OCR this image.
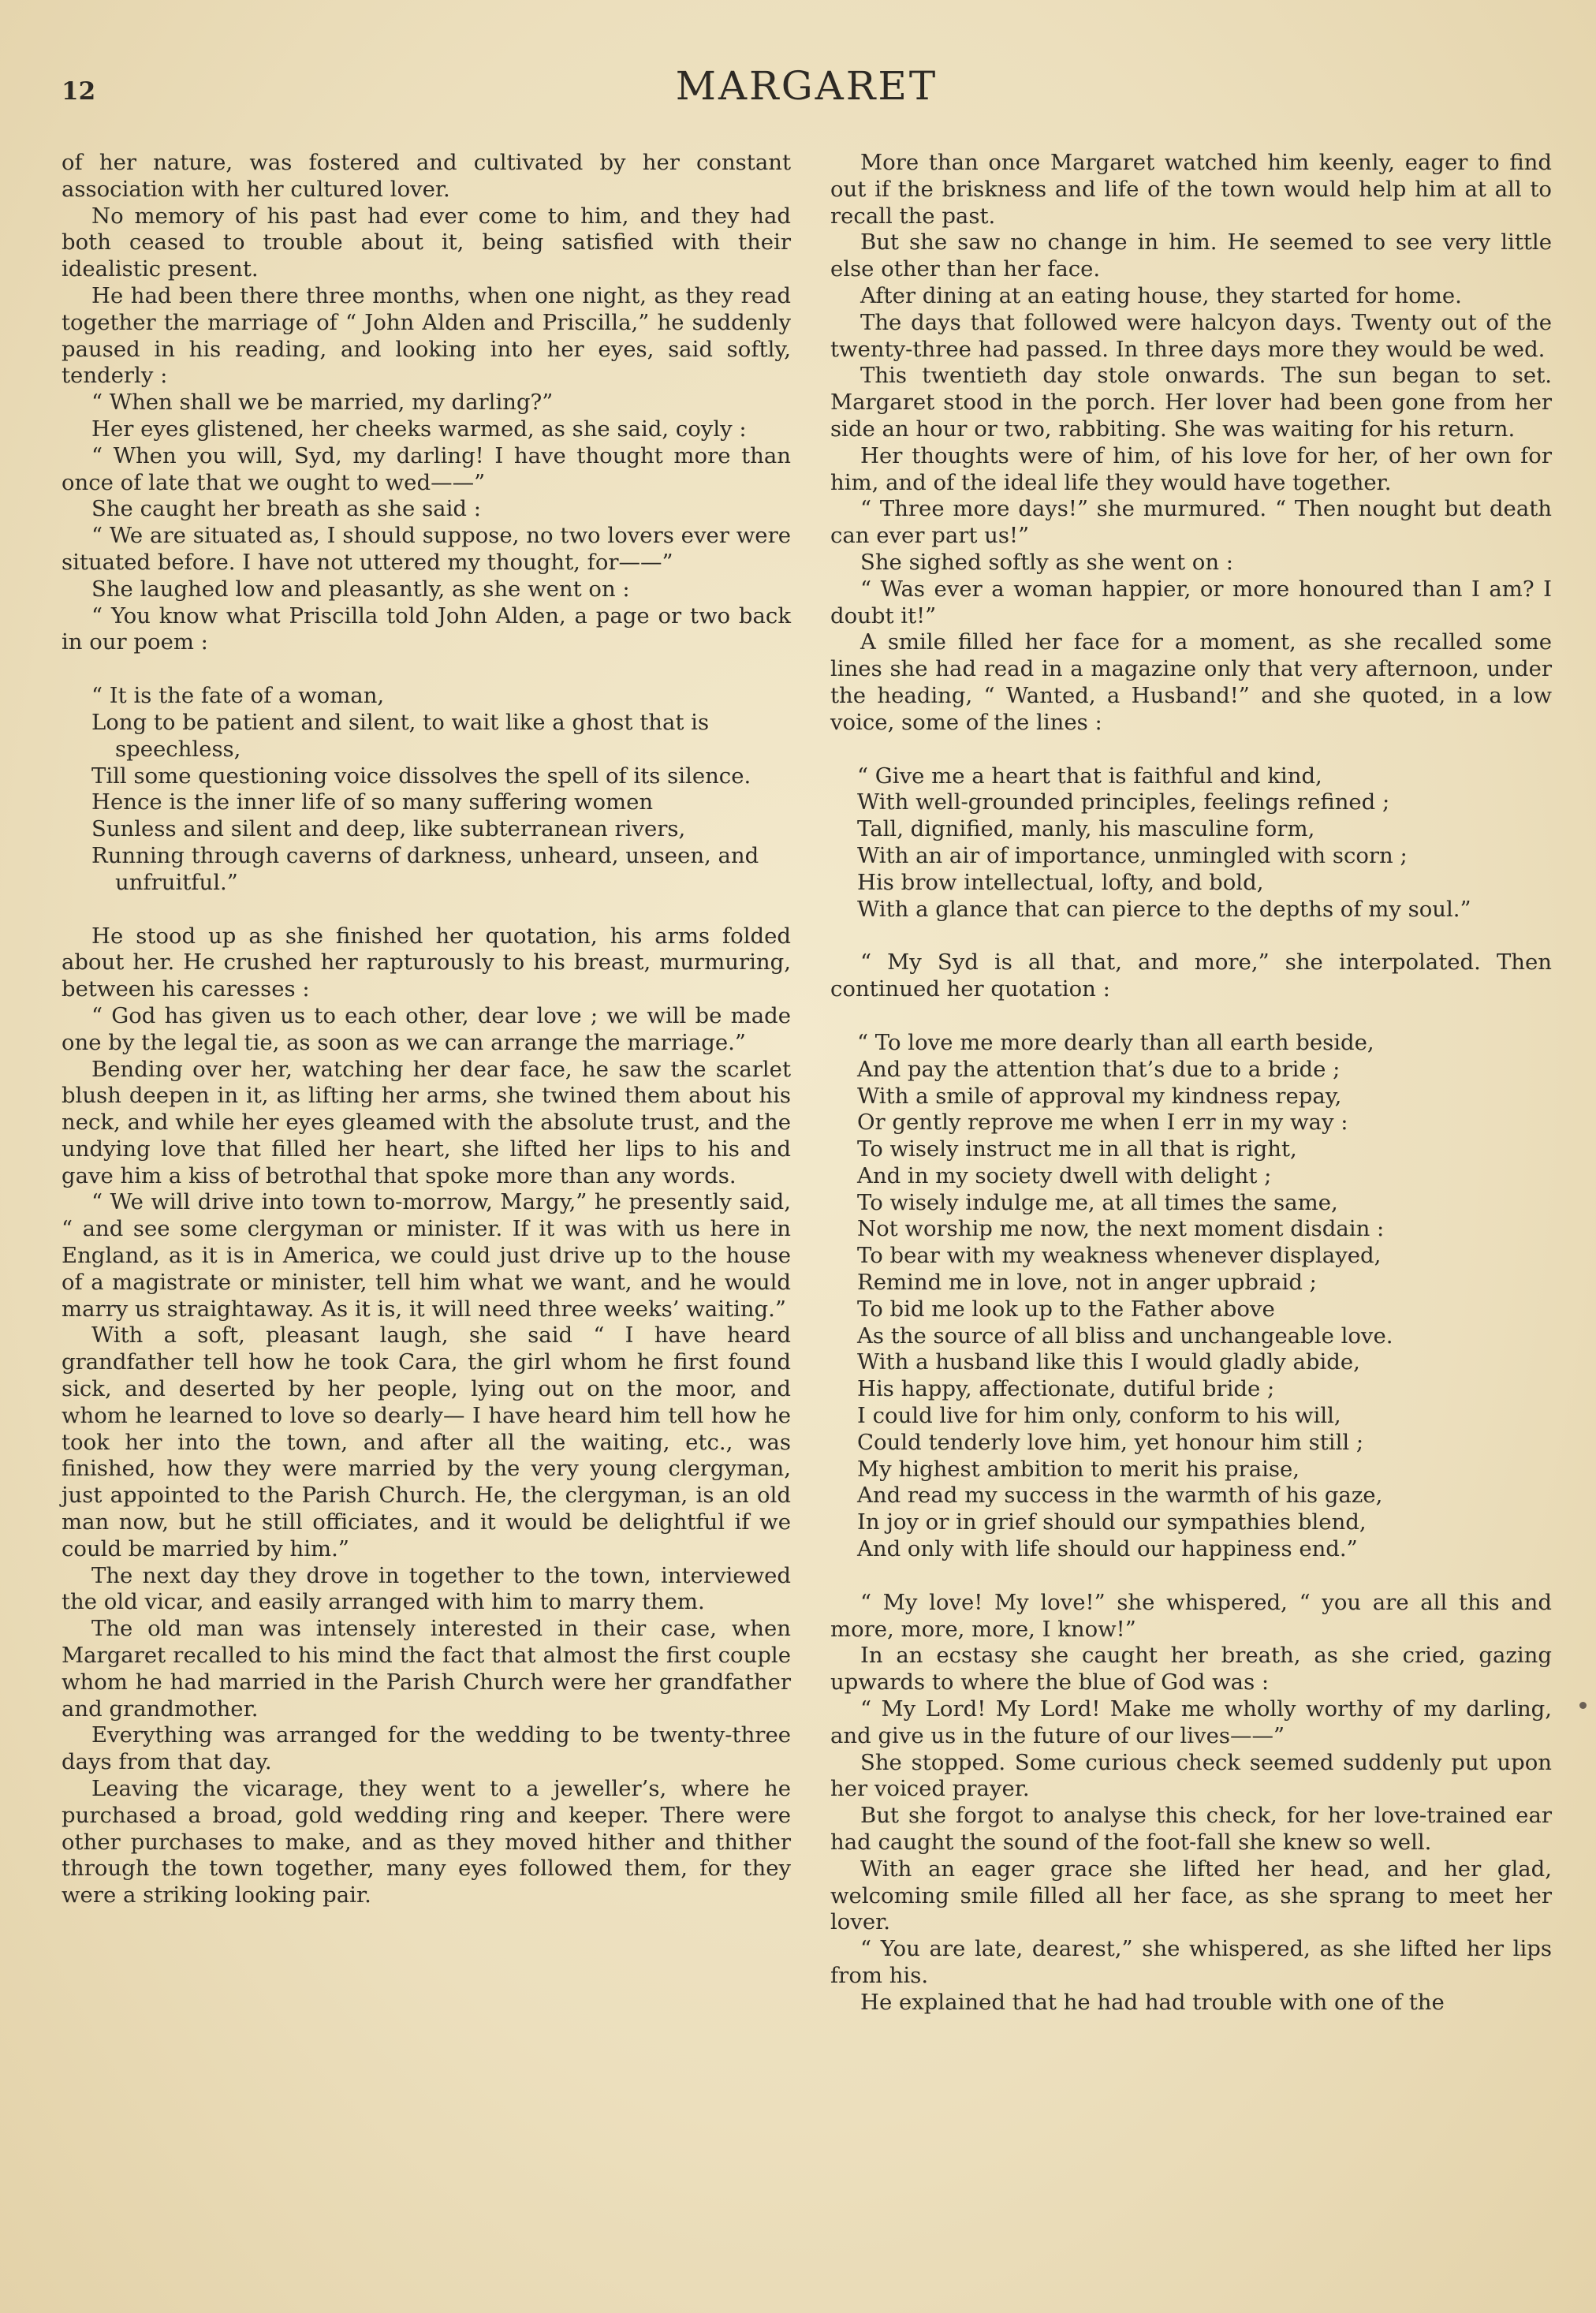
12	MARGARET

of her nature, was fostered and cultivated by her constant association with her cultured lover.

No memory of his past had ever come to him, and they had both ceased to trouble about it, being satisfied with their idealistic present.

He had been there three months, when one night, as they read together the marriage of “ John Alden and Priscilla,” he suddenly paused in his reading, and looking into her eyes, said softly, tenderly :

“ When shall we be married, my darling?”

Her eyes glistened, her cheeks warmed, as she said, coyly :

“ When you will, Syd, my darling! I have thought more than once of late that we ought to wed——”

She caught her breath as she said :

“ We are situated as, I should suppose, no two lovers ever were situated before. I have not uttered my thought, for——”

She laughed low and pleasantly, as she went on :

“ You know what Priscilla told John Alden, a page or two back in our poem :

“ It is the fate of a woman,
Long to be patient and silent, to wait like a ghost that is speechless,
Till some questioning voice dissolves the spell of its silence.
Hence is the inner life of so many suffering women
Sunless and silent and deep, like subterranean rivers,
Running through caverns of darkness, unheard, unseen, and unfruitful.”

He stood up as she finished her quotation, his arms folded about her. He crushed her rapturously to his breast, murmuring, between his caresses :

“ God has given us to each other, dear love ; we will be made one by the legal tie, as soon as we can arrange the marriage.”

Bending over her, watching her dear face, he saw the scarlet blush deepen in it, as lifting her arms, she twined them about his neck, and while her eyes gleamed with the absolute trust, and the undying love that filled her heart, she lifted her lips to his and gave him a kiss of betrothal that spoke more than any words.

“ We will drive into town to-morrow, Margy,” he presently said, “ and see some clergyman or minister. If it was with us here in England, as it is in America, we could just drive up to the house of a magistrate or minister, tell him what we want, and he would marry us straightaway. As it is, it will need three weeks’ waiting.”

With a soft, pleasant laugh, she said “ I have heard grandfather tell how he took Cara, the girl whom he first found sick, and deserted by her people, lying out on the moor, and whom he learned to love so dearly— I have heard him tell how he took her into the town, and after all the waiting, etc., was finished, how they were married by the very young clergyman, just appointed to the Parish Church. He, the clergyman, is an old man now, but he still officiates, and it would be delightful if we could be married by him.”

The next day they drove in together to the town, interviewed the old vicar, and easily arranged with him to marry them.

The old man was intensely interested in their case, when Margaret recalled to his mind the fact that almost the first couple whom he had married in the Parish Church were her grandfather and grandmother.

Everything was arranged for the wedding to be twenty-three days from that day.

Leaving the vicarage, they went to a jeweller’s, where he purchased a broad, gold wedding ring and keeper. There were other purchases to make, and as they moved hither and thither through the town together, many eyes followed them, for they were a striking looking pair.

More than once Margaret watched him keenly, eager to find out if the briskness and life of the town would help him at all to recall the past.

But she saw no change in him. He seemed to see very little else other than her face.

After dining at an eating house, they started for home.

The days that followed were halcyon days. Twenty out of the twenty-three had passed. In three days more they would be wed.

This twentieth day stole onwards. The sun began to set. Margaret stood in the porch. Her lover had been gone from her side an hour or two, rabbiting. She was waiting for his return.

Her thoughts were of him, of his love for her, of her own for him, and of the ideal life they would have together.

“ Three more days!” she murmured. “ Then nought but death can ever part us!”

She sighed softly as she went on :

“ Was ever a woman happier, or more honoured than I am? I doubt it!”

A smile filled her face for a moment, as she recalled some lines she had read in a magazine only that very afternoon, under the heading, “ Wanted, a Husband!” and she quoted, in a low voice, some of the lines :

“ Give me a heart that is faithful and kind,
With well-grounded principles, feelings refined ;
Tall, dignified, manly, his masculine form,
With an air of importance, unmingled with scorn ;
His brow intellectual, lofty, and bold,
With a glance that can pierce to the depths of my soul.”

“ My Syd is all that, and more,” she interpolated. Then continued her quotation :

“ To love me more dearly than all earth beside,
And pay the attention that’s due to a bride ;
With a smile of approval my kindness repay,
Or gently reprove me when I err in my way :
To wisely instruct me in all that is right,
And in my society dwell with delight ;
To wisely indulge me, at all times the same,
Not worship me now, the next moment disdain :
To bear with my weakness whenever displayed,
Remind me in love, not in anger upbraid ;
To bid me look up to the Father above
As the source of all bliss and unchangeable love.
With a husband like this I would gladly abide,
His happy, affectionate, dutiful bride ;
I could live for him only, conform to his will,
Could tenderly love him, yet honour him still ;
My highest ambition to merit his praise,
And read my success in the warmth of his gaze,
In joy or in grief should our sympathies blend,
And only with life should our happiness end.”

“ My love! My love!” she whispered, “ you are all this and more, more, more, I know!”

In an ecstasy she caught her breath, as she cried, gazing upwards to where the blue of God was :

“ My Lord! My Lord! Make me wholly worthy of my darling, and give us in the future of our lives——”

She stopped. Some curious check seemed suddenly put upon her voiced prayer.

But she forgot to analyse this check, for her love-trained ear had caught the sound of the foot-fall she knew so well.

With an eager grace she lifted her head, and her glad, welcoming smile filled all her face, as she sprang to meet her lover.

“ You are late, dearest,” she whispered, as she lifted her lips from his.

He explained that he had had trouble with one of the
